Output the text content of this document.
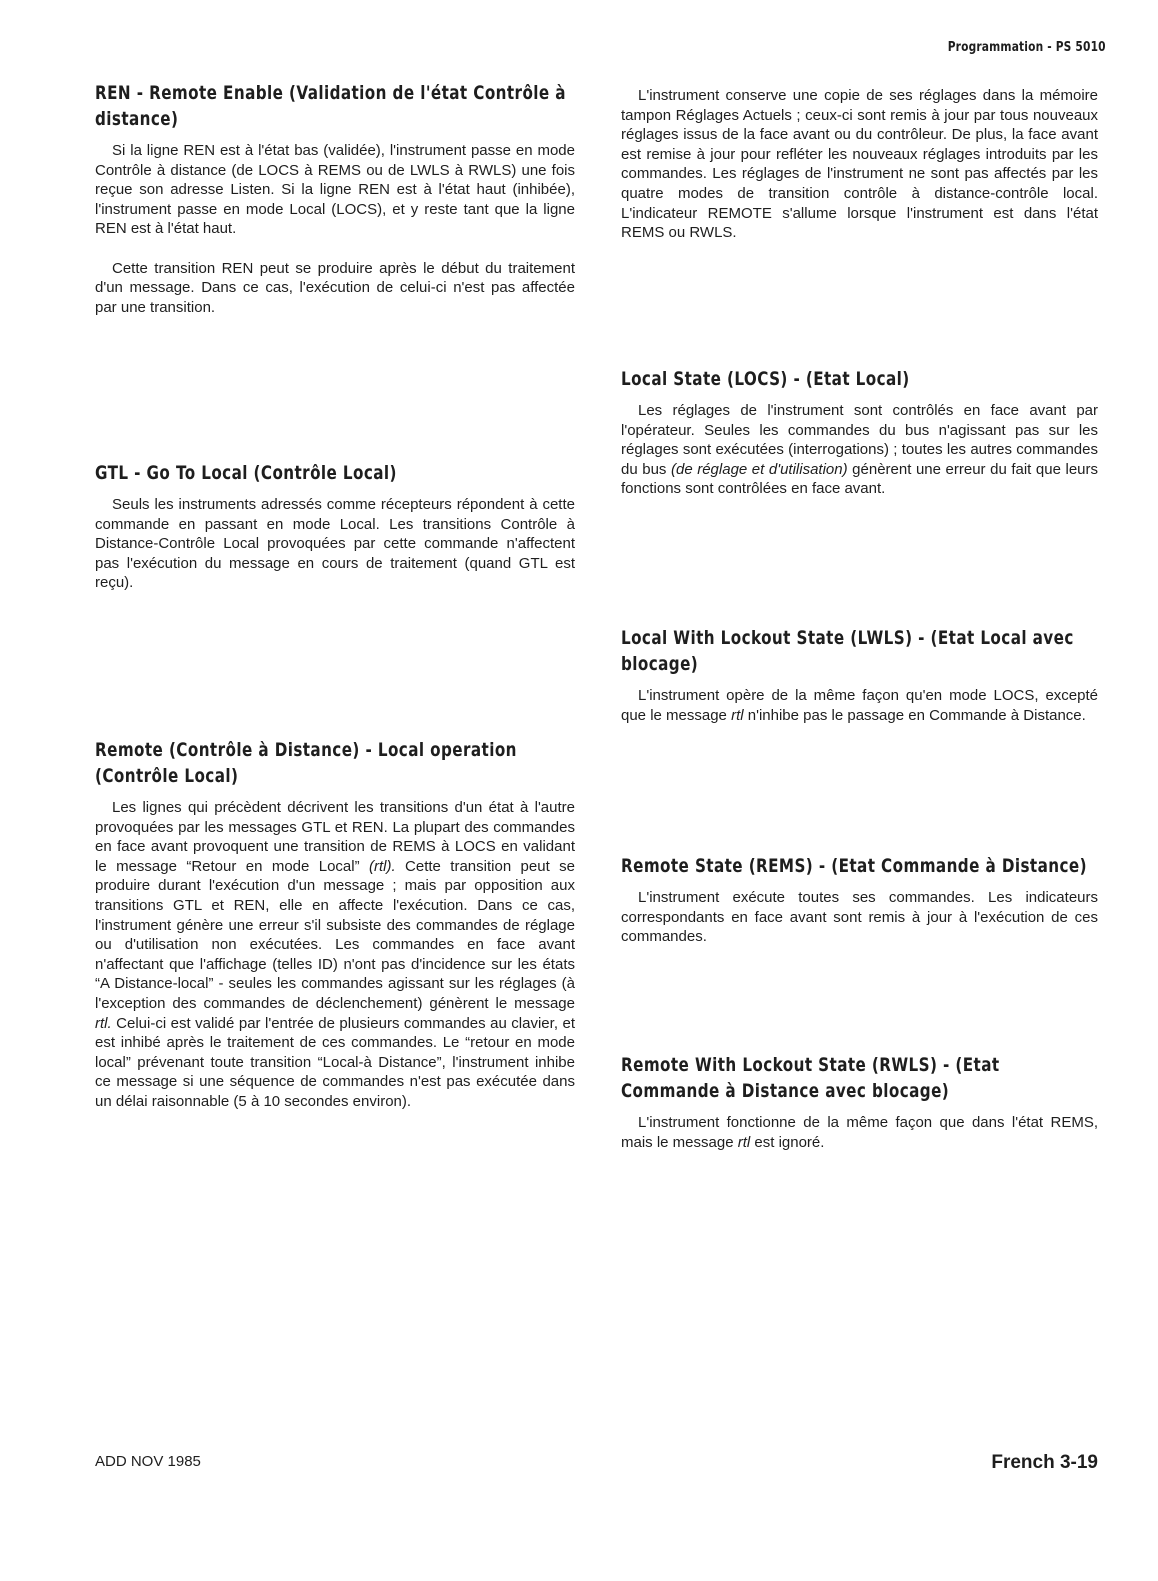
Programmation - PS 5010
REN - Remote Enable (Validation de l'état Contrôle à distance)

Si la ligne REN est à l'état bas (validée), l'instrument passe en mode Contrôle à distance (de LOCS à REMS ou de LWLS à RWLS) une fois reçue son adresse Listen. Si la ligne REN est à l'état haut (inhibée), l'instrument passe en mode Local (LOCS), et y reste tant que la ligne REN est à l'état haut.

Cette transition REN peut se produire après le début du traitement d'un message. Dans ce cas, l'exécution de celui-ci n'est pas affectée par une transition.

GTL - Go To Local (Contrôle Local)

Seuls les instruments adressés comme récepteurs répondent à cette commande en passant en mode Local. Les transitions Contrôle à Distance-Contrôle Local provoquées par cette commande n'affectent pas l'exécution du message en cours de traitement (quand GTL est reçu).

Remote (Contrôle à Distance) - Local operation (Contrôle Local)

Les lignes qui précèdent décrivent les transitions d'un état à l'autre provoquées par les messages GTL et REN. La plupart des commandes en face avant provoquent une transition de REMS à LOCS en validant le message “Retour en mode Local” (rtl). Cette transition peut se produire durant l'exécution d'un message ; mais par opposition aux transitions GTL et REN, elle en affecte l'exécution. Dans ce cas, l'instrument génère une erreur s'il subsiste des commandes de réglage ou d'utilisation non exécutées. Les commandes en face avant n'affectant que l'affichage (telles ID) n'ont pas d'incidence sur les états “A Distance-local” - seules les commandes agissant sur les réglages (à l'exception des commandes de déclenchement) génèrent le message rtl. Celui-ci est validé par l'entrée de plusieurs commandes au clavier, et est inhibé après le traitement de ces commandes. Le “retour en mode local” prévenant toute transition “Local-à Distance”, l'instrument inhibe ce message si une séquence de commandes n'est pas exécutée dans un délai raisonnable (5 à 10 secondes environ).

L'instrument conserve une copie de ses réglages dans la mémoire tampon Réglages Actuels ; ceux-ci sont remis à jour par tous nouveaux réglages issus de la face avant ou du contrôleur. De plus, la face avant est remise à jour pour refléter les nouveaux réglages introduits par les commandes. Les réglages de l'instrument ne sont pas affectés par les quatre modes de transition contrôle à distance-contrôle local. L'indicateur REMOTE s'allume lorsque l'instrument est dans l'état REMS ou RWLS.

Local State (LOCS) - (Etat Local)

Les réglages de l'instrument sont contrôlés en face avant par l'opérateur. Seules les commandes du bus n'agissant pas sur les réglages sont exécutées (interrogations) ; toutes les autres commandes du bus (de réglage et d'utilisation) génèrent une erreur du fait que leurs fonctions sont contrôlées en face avant.

Local With Lockout State (LWLS) - (Etat Local avec blocage)

L'instrument opère de la même façon qu'en mode LOCS, excepté que le message rtl n'inhibe pas le passage en Commande à Distance.

Remote State (REMS) - (Etat Commande à Distance)

L'instrument exécute toutes ses commandes. Les indicateurs correspondants en face avant sont remis à jour à l'exécution de ces commandes.

Remote With Lockout State (RWLS) - (Etat Commande à Distance avec blocage)

L'instrument fonctionne de la même façon que dans l'état REMS, mais le message rtl est ignoré.

ADD NOV 1985	French 3-19
